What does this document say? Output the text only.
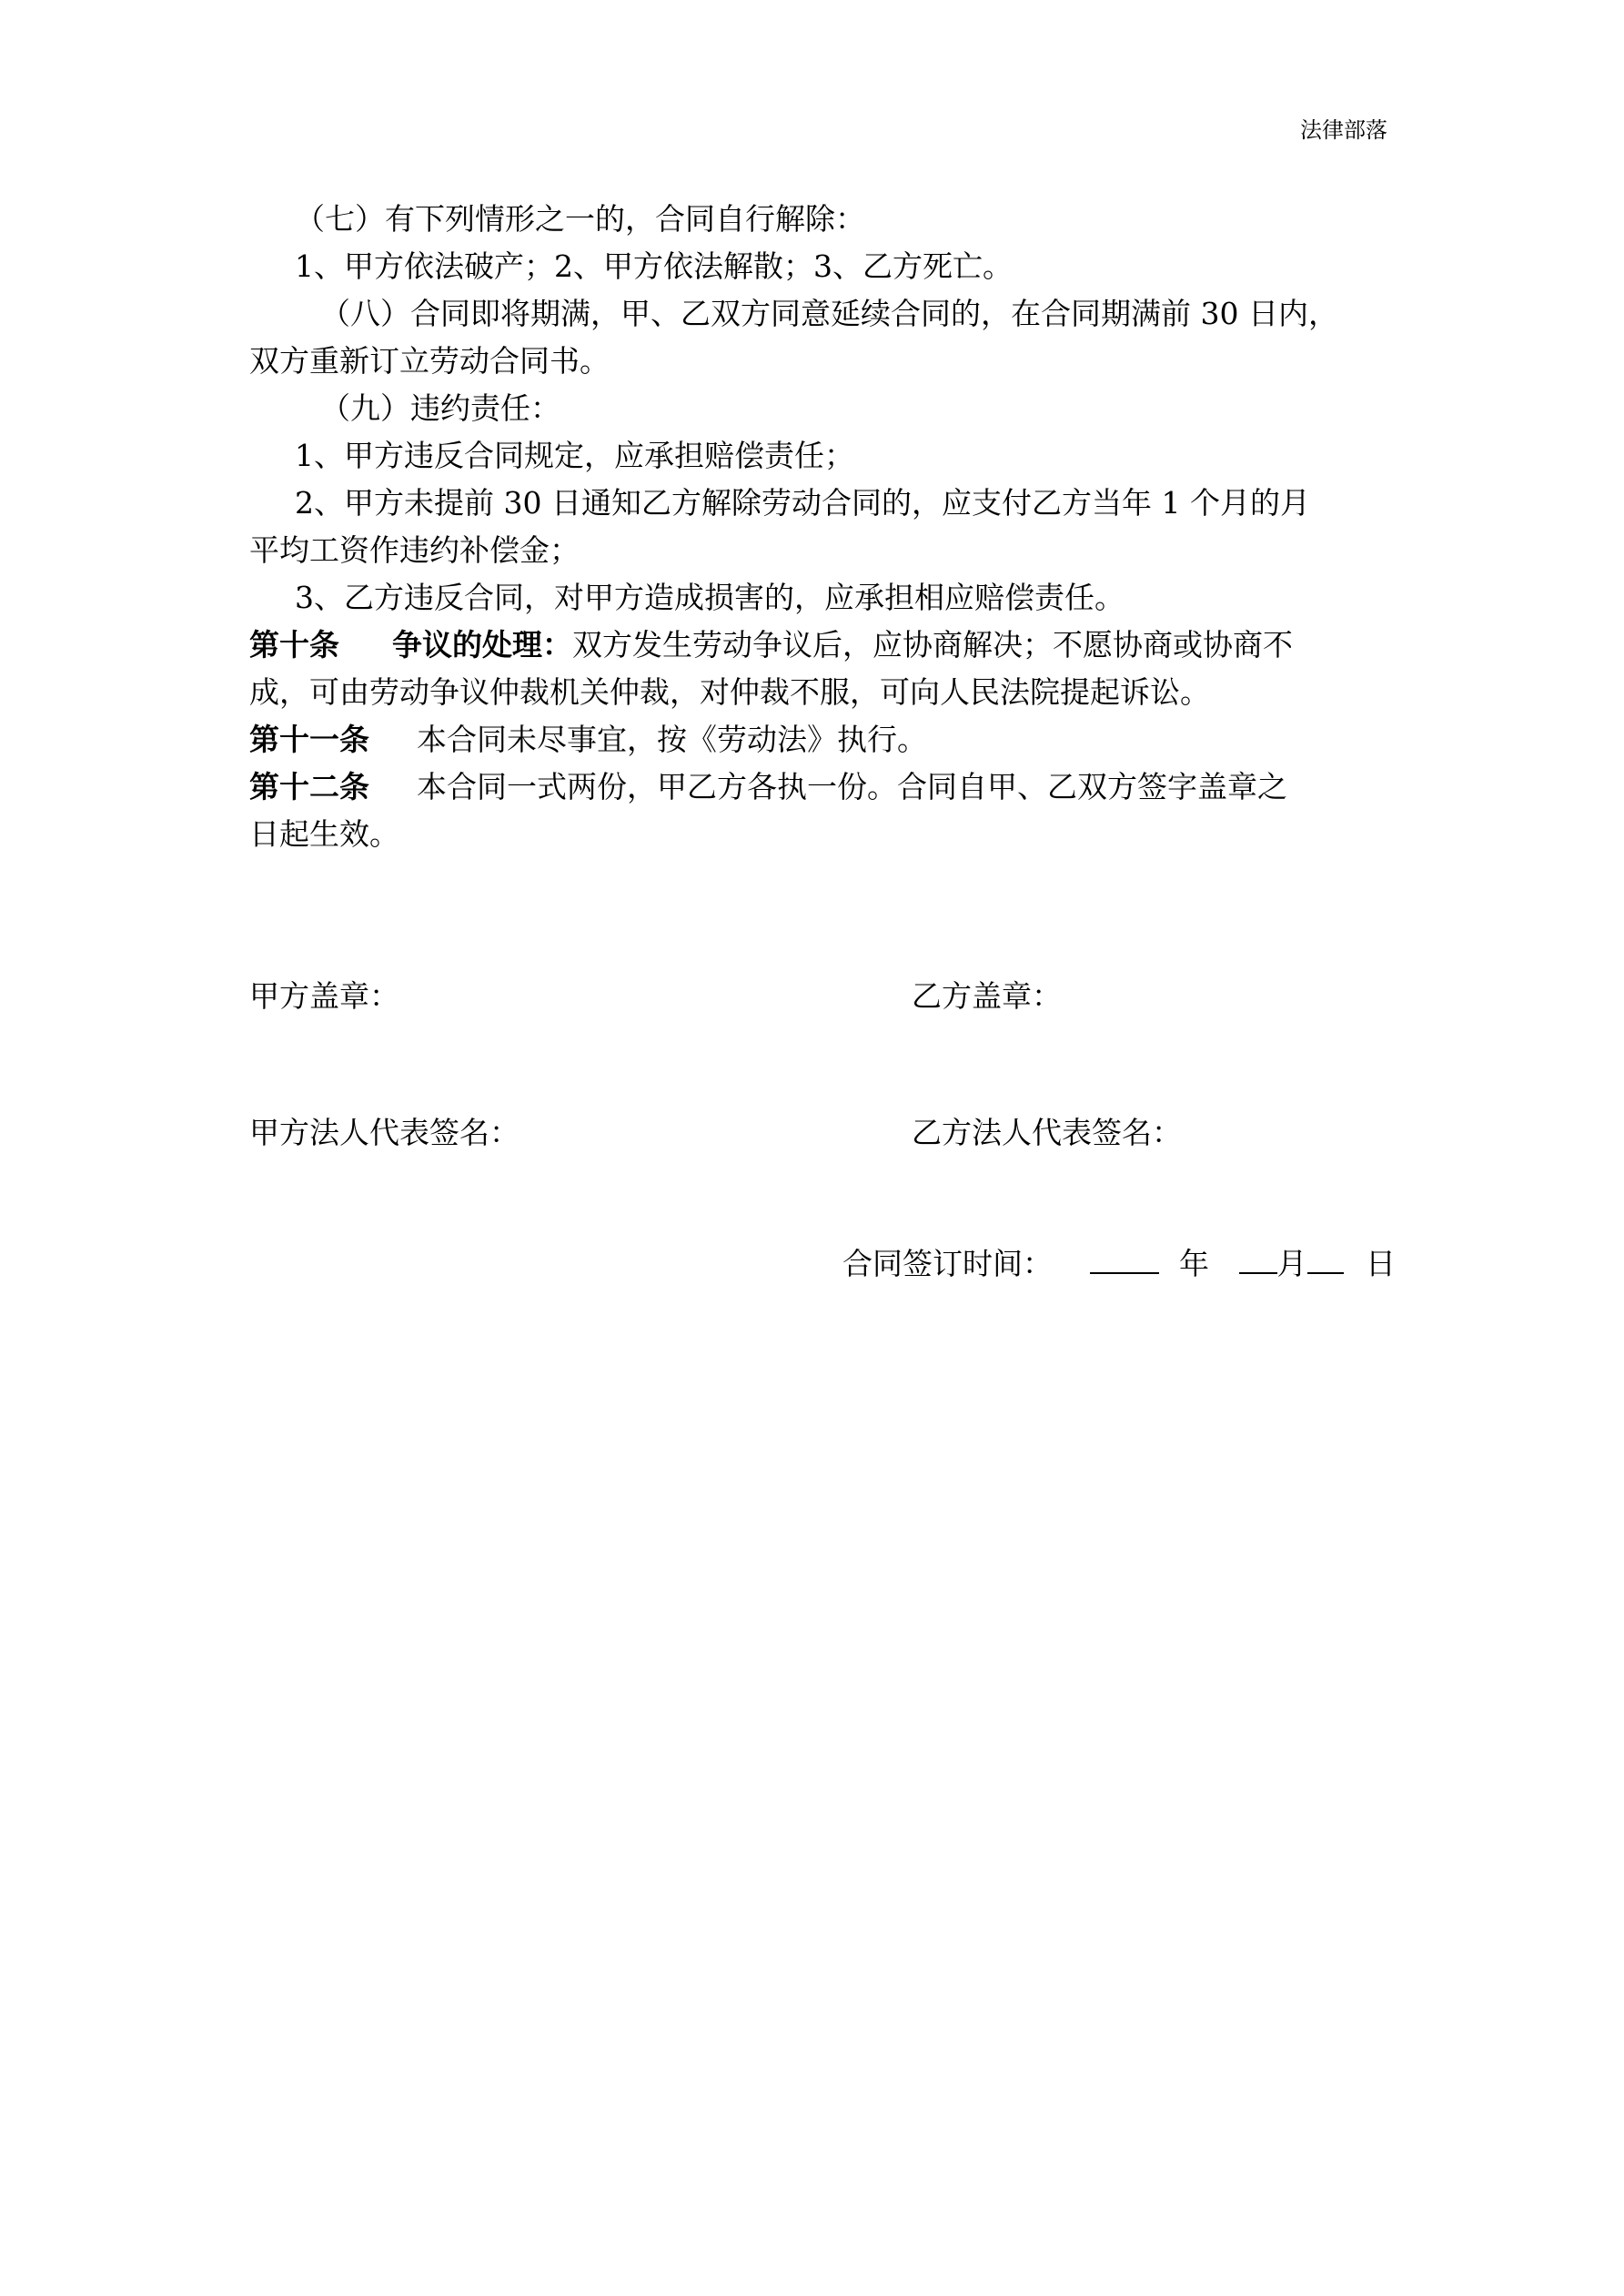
法律部落
（七）有下列情形之一的，合同自行解除：
1、甲方依法破产；2、甲方依法解散；3、乙方死亡。
（八）合同即将期满，甲、乙双方同意延续合同的，在合同期满前 30 日内，
双方重新订立劳动合同书。
（九）违约责任：
1、甲方违反合同规定，应承担赔偿责任；
2、甲方未提前 30 日通知乙方解除劳动合同的，应支付乙方当年 1 个月的月
平均工资作违约补偿金；
3、乙方违反合同，对甲方造成损害的，应承担相应赔偿责任。
第十条 争议的处理：双方发生劳动争议后，应协商解决；不愿协商或协商不
成，可由劳动争议仲裁机关仲裁，对仲裁不服，可向人民法院提起诉讼。
第十一条 本合同未尽事宜，按《劳动法》执行。
第十二条 本合同一式两份，甲乙方各执一份。合同自甲、乙双方签字盖章之
日起生效。
甲方盖章：	乙方盖章：
甲方法人代表签名：	乙方法人代表签名：
合同签订时间：	年 月 日
